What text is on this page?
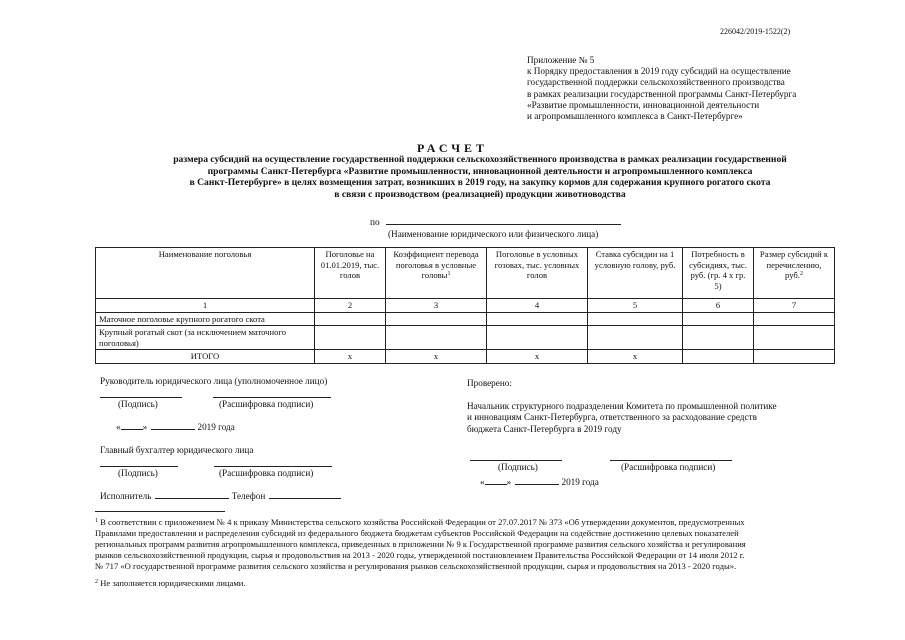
226042/2019-1522(2)
Приложение № 5
к Порядку предоставления в 2019 году субсидий на осуществление
государственной поддержки сельскохозяйственного производства
в рамках реализации государственной программы Санкт-Петербурга
«Развитие промышленности, инновационной деятельности
и агропромышленного комплекса в Санкт-Петербурге»
РАСЧЕТ
размера субсидий на осуществление государственной поддержки сельскохозяйственного производства в рамках реализации государственной
программы Санкт-Петербурга «Развитие промышленности, инновационной деятельности и агропромышленного комплекса
в Санкт-Петербурге» в целях возмещения затрат, возникших в 2019 году, на закупку кормов для содержания крупного рогатого скота
в связи с производством (реализацией) продукции животноводства
по
(Наименование юридического или физического лица)
Наименование поголовья	Поголовье на 01.01.2019, тыс. голов	Коэффициент перевода поголовья в условные головы$^1$	Поголовье в условных гозовах, тыс. условных голов	Ставка субсидии на 1 условную голову, руб.	Потребность в субсидиях, тыс. руб. (гр. 4 х гр. 5)	Размер субсидий к перечислению, руб.$^2$
1	2	3	4	5	6	7
Маточное поголовье крупного рогатого скота						
Крупный рогатый скот (за исключением маточного поголовья)						
ИТОГО	х	х	х	х		
Руководитель юридического лица (уполномоченное лицо)
(Подпись)	(Расшифровка подписи)
« »	2019 года
Главный бухгалтер юридического лица
(Подпись)	(Расшифровка подписи)
Исполнитель	Телефон
Проверено:
Начальник структурного подразделения Комитета по промышленной политике
и инновациям Санкт-Петербурга, ответственного за расходование средств
бюджета Санкт-Петербурга в 2019 году
(Подпись)	(Расшифровка подписи)
« »	2019 года
$^1$ В соответствии с приложением № 4 к приказу Министерства сельского хозяйства Российской Федерации от 27.07.2017 № 373 «Об утверждении документов, предусмотренных
Правилами предоставления и распределения субсидий из федерального бюджета бюджетам субъектов Российской Федерации на содействие достижению целевых показателей
региональных программ развития агропромышленного комплекса, приведенных в приложении № 9 к Государственной программе развития сельского хозяйства и регулирования
рынков сельскохозяйственной продукции, сырья и продовольствия на 2013 - 2020 годы, утвержденной постановлением Правительства Российской Федерации от 14 июля 2012 г.
№ 717 «О государственной программе развития сельского хозяйства и регулирования рынков сельскохозяйственной продукции, сырья и продовольствия на 2013 - 2020 годы».
$^2$ Не заполняется юридическими лицами.
